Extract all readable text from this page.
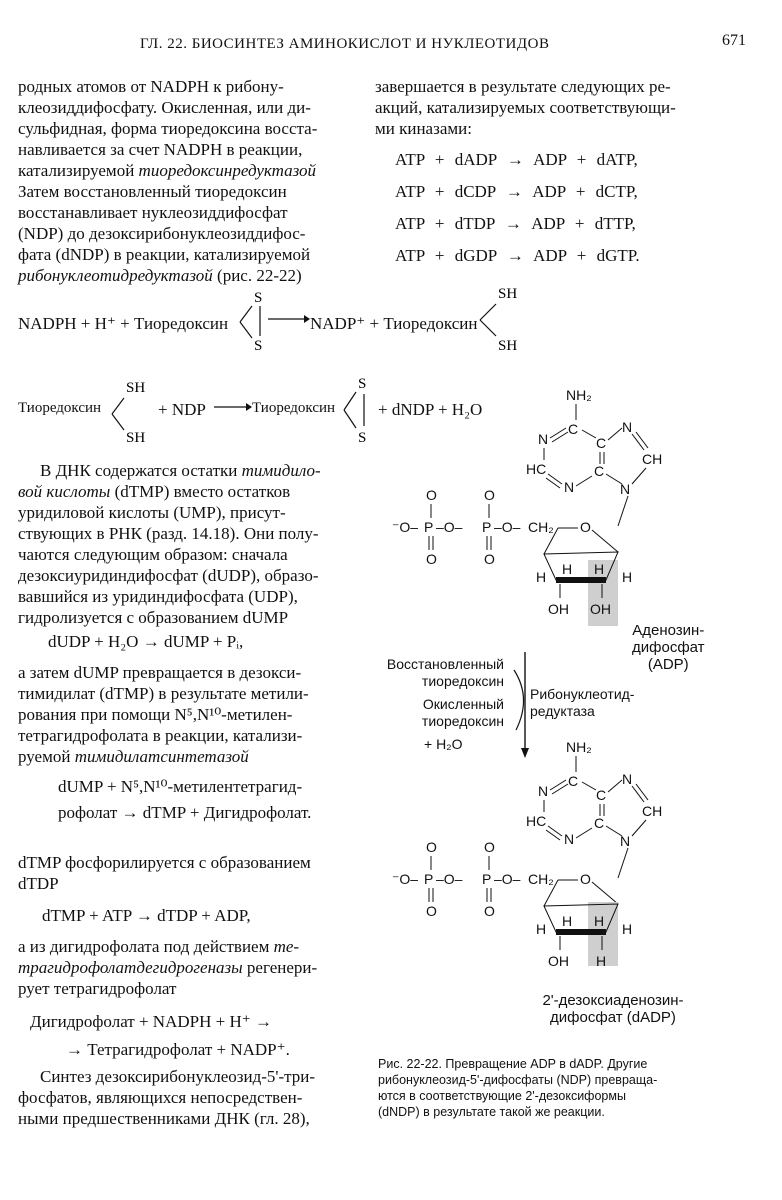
ГЛ. 22. БИОСИНТЕЗ АМИНОКИСЛОТ И НУКЛЕОТИДОВ	671
родных атомов от NADPH к рибону-
клеозиддифосфату. Окисленная, или ди-
сульфидная, форма тиоредоксина восста-
навливается за счет NADPH в реакции,
катализируемой тиоредоксинредуктазой
Затем восстановленный тиоредоксин
восстанавливает нуклеозиддифосфат
(NDP) до дезоксирибонуклеозиддифос-
фата (dNDP) в реакции, катализируемой
рибонуклеотидредуктазой (рис. 22-22)
завершается в результате следующих ре-
акций, катализируемых соответствующи-
ми киназами:
ATP + dADP → ADP + dATP,
ATP + dCDP → ADP + dCTP,
ATP + dTDP → ADP + dTTP,
ATP + dGDP → ADP + dGTP.
NADPH + H⁺ + Тиоредоксин
S
S
NADP⁺ + Тиоредоксин
SH
SH
Тиоредоксин
SH
SH
+ NDP	Тиоредоксин
S
S
+ dNDP + H₂O
В ДНК содержатся остатки тимидило-
вой кислоты (dTMP) вместо остатков
уридиловой кислоты (UMP), присут-
ствующих в РНК (разд. 14.18). Они полу-
чаются следующим образом: сначала
дезоксиуридиндифосфат (dUDP), образо-
вавшийся из уридиндифосфата (UDP),
гидролизуется с образованием dUMP
dUDP + H₂O → dUMP + Pᵢ,
а затем dUMP превращается в дезокси-
тимидилат (dTMP) в результате метили-
рования при помощи N⁵,N¹⁰-метилен-
тетрагидрофолата в реакции, катализи-
руемой тимидилатсинтетазой
dUMP + N⁵,N¹⁰-метилентетрагид-
рофолат → dTMP + Дигидрофолат.
dTMP фосфорилируется с образованием
dTDP
dTMP + ATP → dTDP + ADP,
а из дигидрофолата под действием те-
трагидрофолатдегидрогеназы регенери-
рует тетрагидрофолат
Дигидрофолат + NADPH + H⁺ →
→ Тетрагидрофолат + NADP⁺.
Синтез дезоксирибонуклеозид-5'-три-
фосфатов, являющихся непосредствен-
ными предшественниками ДНК (гл. 28),
NH₂
C
N	C
N
CH
HC
N
C
N
O	O
⁻O– P –O– P –O– CH₂
O	O
O
H	H
H H
OH OH
Аденозин-
дифосфат
(ADP)
Восстановленный
тиоредоксин
Окисленный
тиоредоксин
+ H₂O
Рибонуклеотид-
редуктаза
NH₂
C
N	C
N
CH
HC
N
C
N
O	O
⁻O– P –O– P –O– CH₂
O	O
O
H	H
H H
OH H
2'-дезоксиаденозин-
дифосфат (dADP)
Рис. 22-22. Превращение ADP в dADP. Другие
рибонуклеозид-5'-дифосфаты (NDP) превраща-
ются в соответствующие 2'-дезоксиформы
(dNDP) в результате такой же реакции.
